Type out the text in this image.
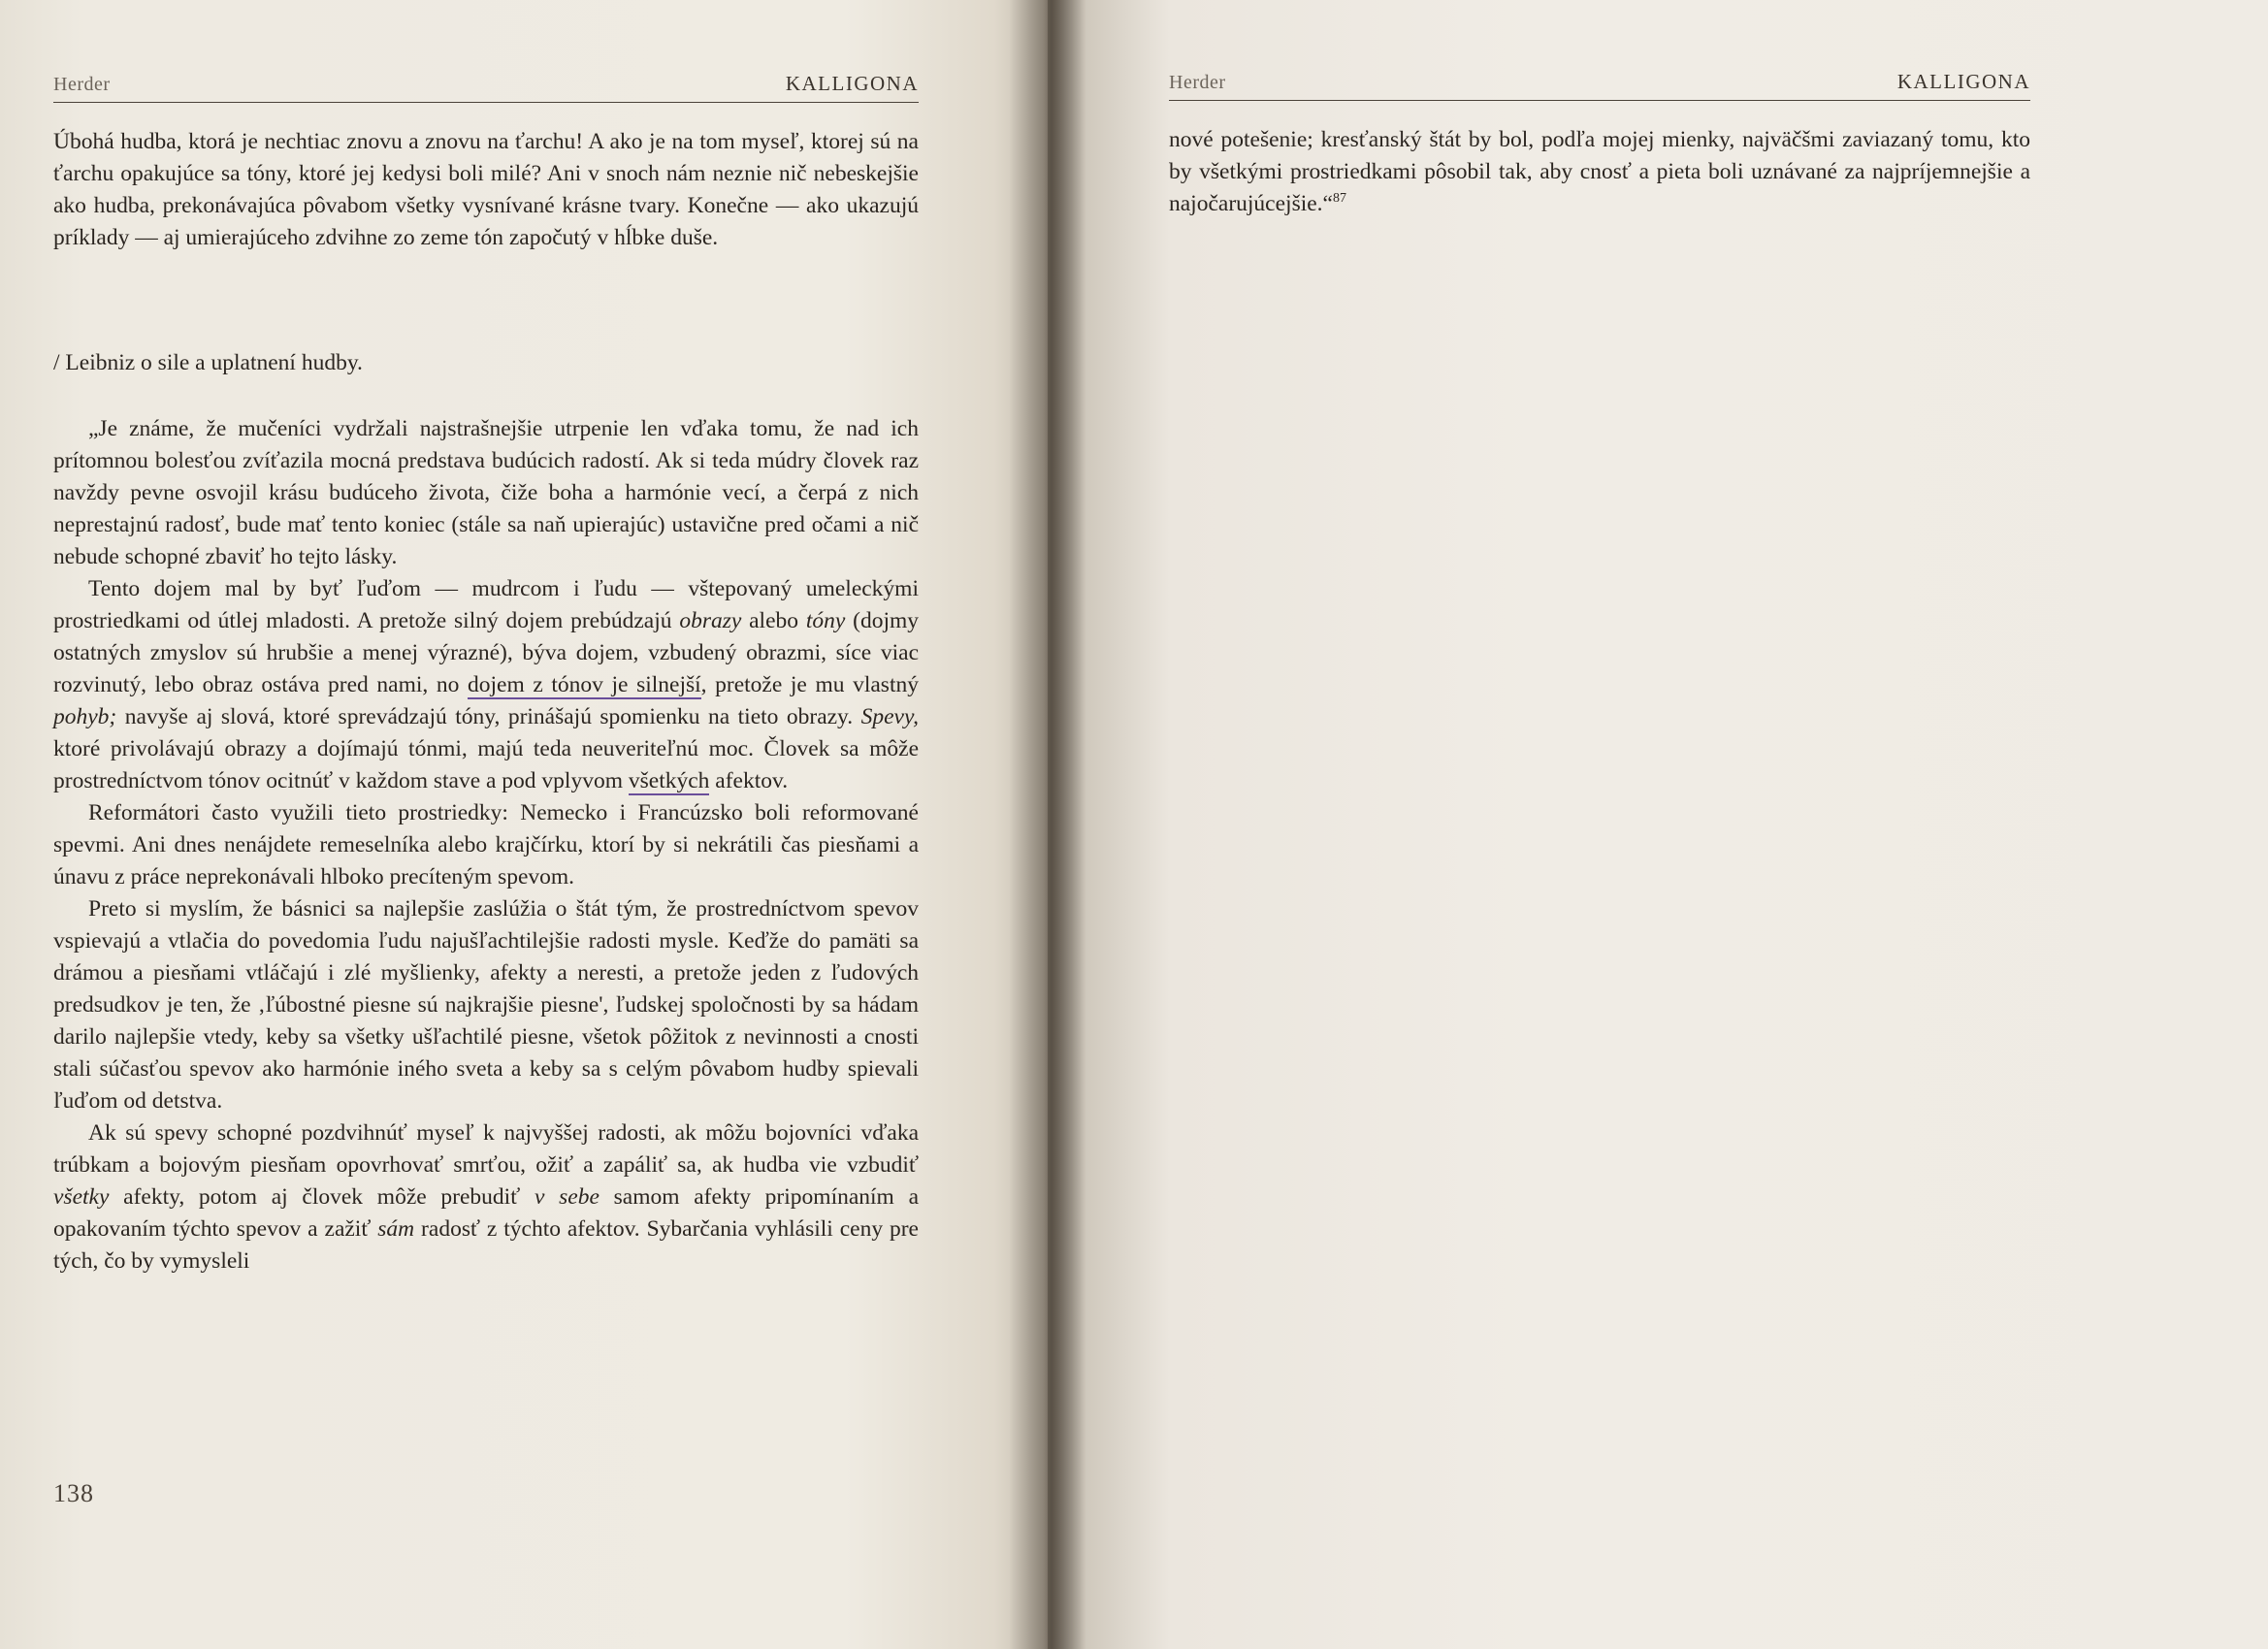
Herder	KALLIGONA

Úbohá hudba, ktorá je nechtiac znovu a znovu na ťarchu! A ako je na tom myseľ, ktorej sú na ťarchu opakujúce sa tóny, ktoré jej kedysi boli milé? Ani v snoch nám neznie nič nebeskejšie ako hudba, prekonávajúca pôvabom všetky vysnívané krásne tvary. Konečne — ako ukazujú príklady — aj umierajúceho zdvihne zo zeme tón započutý v hĺbke duše.

/ Leibniz o sile a uplatnení hudby.

„Je známe, že mučeníci vydržali najstrašnejšie utrpenie len vďaka tomu, že nad ich prítomnou bolesťou zvíťazila mocná predstava budúcich radostí. Ak si teda múdry človek raz navždy pevne osvojil krásu budúceho života, čiže boha a harmónie vecí, a čerpá z nich neprestajnú radosť, bude mať tento koniec (stále sa naň upierajúc) ustavične pred očami a nič nebude schopné zbaviť ho tejto lásky.

Tento dojem mal by byť ľuďom — mudrcom i ľudu — vštepovaný umeleckými prostriedkami od útlej mladosti. A pretože silný dojem prebúdzajú obrazy alebo tóny (dojmy ostatných zmyslov sú hrubšie a menej výrazné), býva dojem, vzbudený obrazmi, síce viac rozvinutý, lebo obraz ostáva pred nami, no dojem z tónov je silnejší, pretože je mu vlastný pohyb; navyše aj slová, ktoré sprevádzajú tóny, prinášajú spomienku na tieto obrazy. Spevy, ktoré privolávajú obrazy a dojímajú tónmi, majú teda neuveriteľnú moc. Človek sa môže prostredníctvom tónov ocitnúť v každom stave a pod vplyvom všetkých afektov.

Reformátori často využili tieto prostriedky: Nemecko i Francúzsko boli reformované spevmi. Ani dnes nenájdete remeselníka alebo krajčírku, ktorí by si nekrátili čas piesňami a únavu z práce neprekonávali hlboko precíteným spevom.

Preto si myslím, že básnici sa najlepšie zaslúžia o štát tým, že prostredníctvom spevov vspievajú a vtlačia do povedomia ľudu najušľachtilejšie radosti mysle. Keďže do pamäti sa drámou a piesňami vtláčajú i zlé myšlienky, afekty a neresti, a pretože jeden z ľudových predsudkov je ten, že ‚ľúbostné piesne sú najkrajšie piesne', ľudskej spoločnosti by sa hádam darilo najlepšie vtedy, keby sa všetky ušľachtilé piesne, všetok pôžitok z nevinnosti a cnosti stali súčasťou spevov ako harmónie iného sveta a keby sa s celým pôvabom hudby spievali ľuďom od detstva.

Ak sú spevy schopné pozdvihnúť myseľ k najvyššej radosti, ak môžu bojovníci vďaka trúbkam a bojovým piesňam opovrhovať smrťou, ožiť a zapáliť sa, ak hudba vie vzbudiť všetky afekty, potom aj človek môže prebudiť v sebe samom afekty pripomínaním a opakovaním týchto spevov a zažiť sám radosť z týchto afektov. Sybarčania vyhlásili ceny pre tých, čo by vymysleli

138
Herder	KALLIGONA

nové potešenie; kresťanský štát by bol, podľa mojej mienky, najväčšmi zaviazaný tomu, kto by všetkými prostriedkami pôsobil tak, aby cnosť a pieta boli uznávané za najpríjemnejšie a najočarujúcejšie.“$^{87}$
